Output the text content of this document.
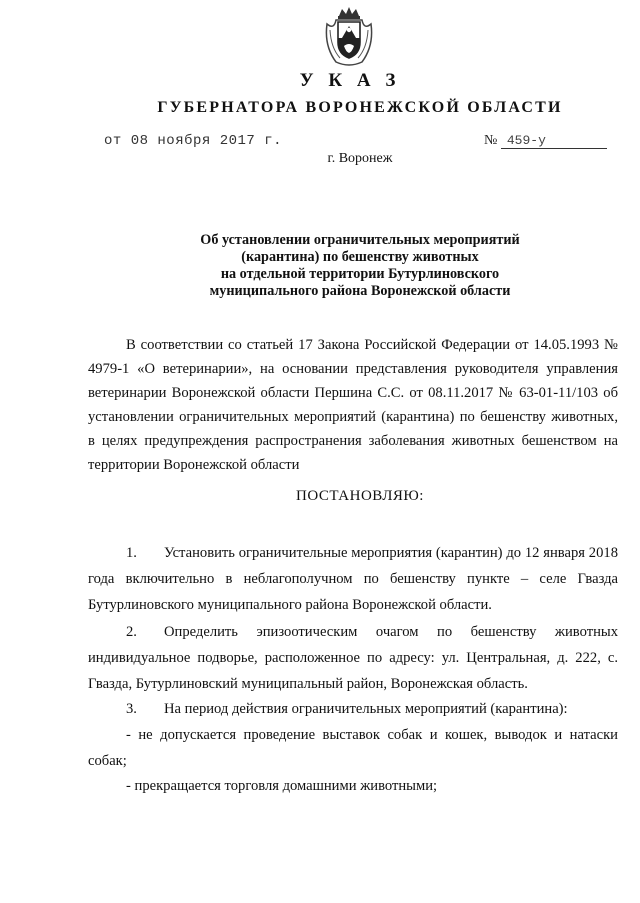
У К А З
ГУБЕРНАТОРА ВОРОНЕЖСКОЙ ОБЛАСТИ
от 08 ноября 2017 г.	№ 459-у
г. Воронеж
Об установлении ограничительных мероприятий
(карантина) по бешенству животных
на отдельной территории Бутурлиновского
муниципального района Воронежской области
В соответствии со статьей 17 Закона Российской Федерации от 14.05.1993 № 4979-1 «О ветеринарии», на основании представления руководителя управления ветеринарии Воронежской области Першина С.С. от 08.11.2017 № 63-01-11/103 об установлении ограничительных мероприятий (карантина) по бешенству животных, в целях предупреждения распространения заболевания животных бешенством на территории Воронежской области
ПОСТАНОВЛЯЮ:
1. Установить ограничительные мероприятия (карантин) до 12 января 2018 года включительно в неблагополучном по бешенству пункте – селе Гвазда Бутурлиновского муниципального района Воронежской области.
2. Определить эпизоотическим очагом по бешенству животных индивидуальное подворье, расположенное по адресу: ул. Центральная, д. 222, с. Гвазда, Бутурлиновский муниципальный район, Воронежская область.
3. На период действия ограничительных мероприятий (карантина):
- не допускается проведение выставок собак и кошек, выводок и натаски собак;
- прекращается торговля домашними животными;
